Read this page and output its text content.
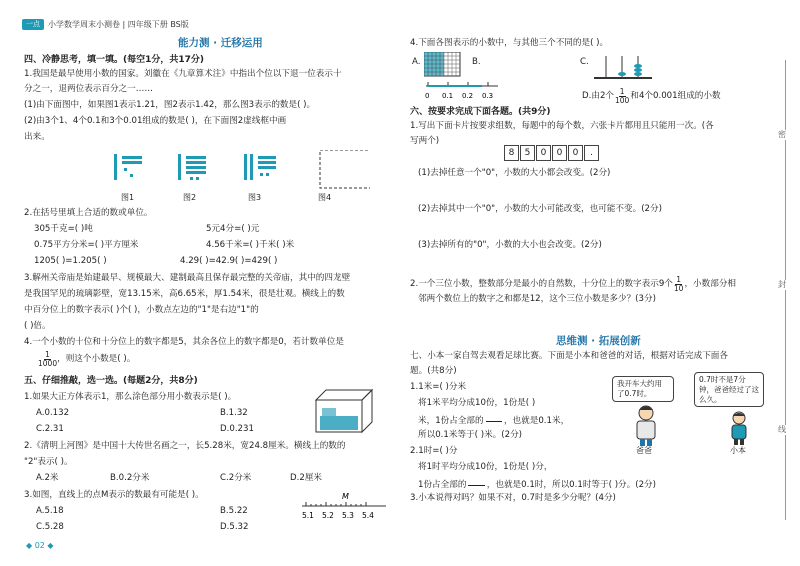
一点	小学数学周末小测卷 | 四年级下册 BS版
能力测 · 迁移运用
四、冷静思考，填一填。(每空1分，共17分)
1.我国是最早使用小数的国家。刘徽在《九章算术注》中指出个位以下退一位表示十
分之一，退两位表示百分之一……
(1)由下面图中，如果图1表示1.21，图2表示1.42，那么图3表示的数是( )。
(2)由3个1、4个0.1和3个0.01组成的数是( )，在下面图2虚线框中画
出来。
图1	图2	图3	图4
2.在括号里填上合适的数或单位。
305千克=( )吨	5元4分=( )元
0.75平方分米=( )平方厘米	4.56千米=( )千米( )米
1205( )=1.205( )	4.29( )=42.9( )=429( )
3.解州关帝庙是始建最早、规模最大、建制最高且保存最完整的关帝庙，其中的四龙壁
是我国罕见的琉璃影壁，宽13.15米，高6.65米，厚1.54米，很是壮观。横线上的数
中百分位上的数字表示( )个( )，小数点左边的"1"是右边"1"的
( )倍。
4.一个小数的十位和十分位上的数字都是5，其余各位上的数字都是0，若计数单位是
$\frac{1}{1000}$ ，则这个小数是( )。
五、仔细推敲，选一选。(每题2分，共8分)
1.如果大正方体表示1，那么涂色部分用小数表示是( )。
A.0.132	B.1.32
C.2.31	D.0.231
2.《清明上河图》是中国十大传世名画之一，长5.28米，宽24.8厘米。横线上的数的
"2"表示( )。
A.2米	B.0.2分米	C.2分米	D.2厘米
3.如图，直线上的点M表示的数最有可能是( )。
A.5.18	B.5.22
C.5.28	D.5.32
M
5.1 5.2 5.3 5.4
4.下面各图表示的小数中，与其他三个不同的是( )。
A.	B.
0 0.1 0.2 0.3
C.
D.由2个 $\frac{1}{100}$ 和4个0.001组成的小数
六、按要求完成下面各题。(共9分)
1.写出下面卡片按要求组数，每题中的每个数，六张卡片都用且只能用一次。(各
写两个)
8 5 0 0 0 .
(1)去掉任意一个"0"，小数的大小都会改变。(2分)
(2)去掉其中一个"0"，小数的大小可能改变，也可能不变。(2分)
(3)去掉所有的"0"，小数的大小也会改变。(2分)
2.一个三位小数，整数部分是最小的自然数，十分位上的数字表示9个 $\frac{1}{10}$ ，小数部分相
邻两个数位上的数字之和都是12，这个三位小数是多少？(3分)
思维测 · 拓展创新
七、小本一家自驾去观看足球比赛。下面是小本和爸爸的对话，根据对话完成下面各
题。(共8分)
1.1米=( )分米
将1米平均分成10份，1份是( )
米，1份占全部的

，也就是0.1米，
所以0.1米等于( )米。(2分)
2.1时=( )分
将1时平均分成10份，1份是( )分，
1份占全部的

，也就是0.1时，所以0.1时等于( )分。(2分)
3.小本说得对吗？如果不对，0.7时是多少分呢？(4分)
我开车大约用了0.7时。
0.7时不是7分钟，爸爸经过了这么久。
爸爸	小本
密
封
线
◆ 02 ◆
